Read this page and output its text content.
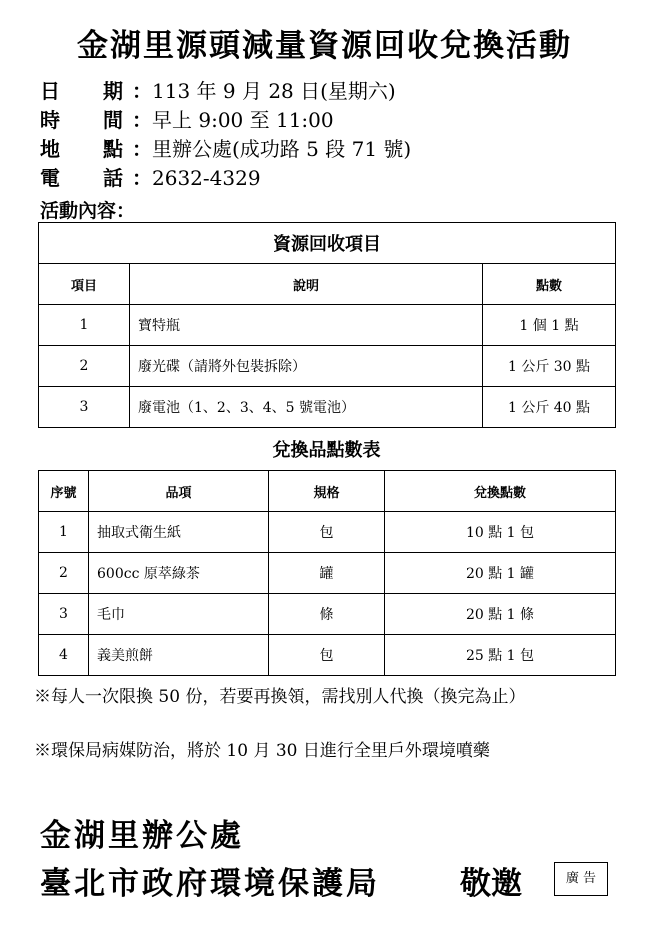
金湖里源頭減量資源回收兌換活動
日　　期 ：113 年 9 月 28 日(星期六)
時　　間 ：早上 9:00 至 11:00
地　　點 ：里辦公處(成功路 5 段 71 號)
電　　話 ：2632-4329
活動內容：
資源回收項目		
項目	說明	點數
1	寶特瓶	1 個 1 點
2	廢光碟（請將外包裝拆除）	1 公斤 30 點
3	廢電池（1、2、3、4、5 號電池）	1 公斤 40 點
兌換品點數表
序號	品項	規格	兌換點數
1	抽取式衛生紙	包	10 點 1 包
2	600cc 原萃綠茶	罐	20 點 1 罐
3	毛巾	條	20 點 1 條
4	義美煎餅	包	25 點 1 包
※每人一次限換 50 份，若要再換領，需找別人代換（換完為止）
※環保局病媒防治，將於 10 月 30 日進行全里戶外環境噴藥
金湖里辦公處
臺北市政府環境保護局	敬邀	廣 告
